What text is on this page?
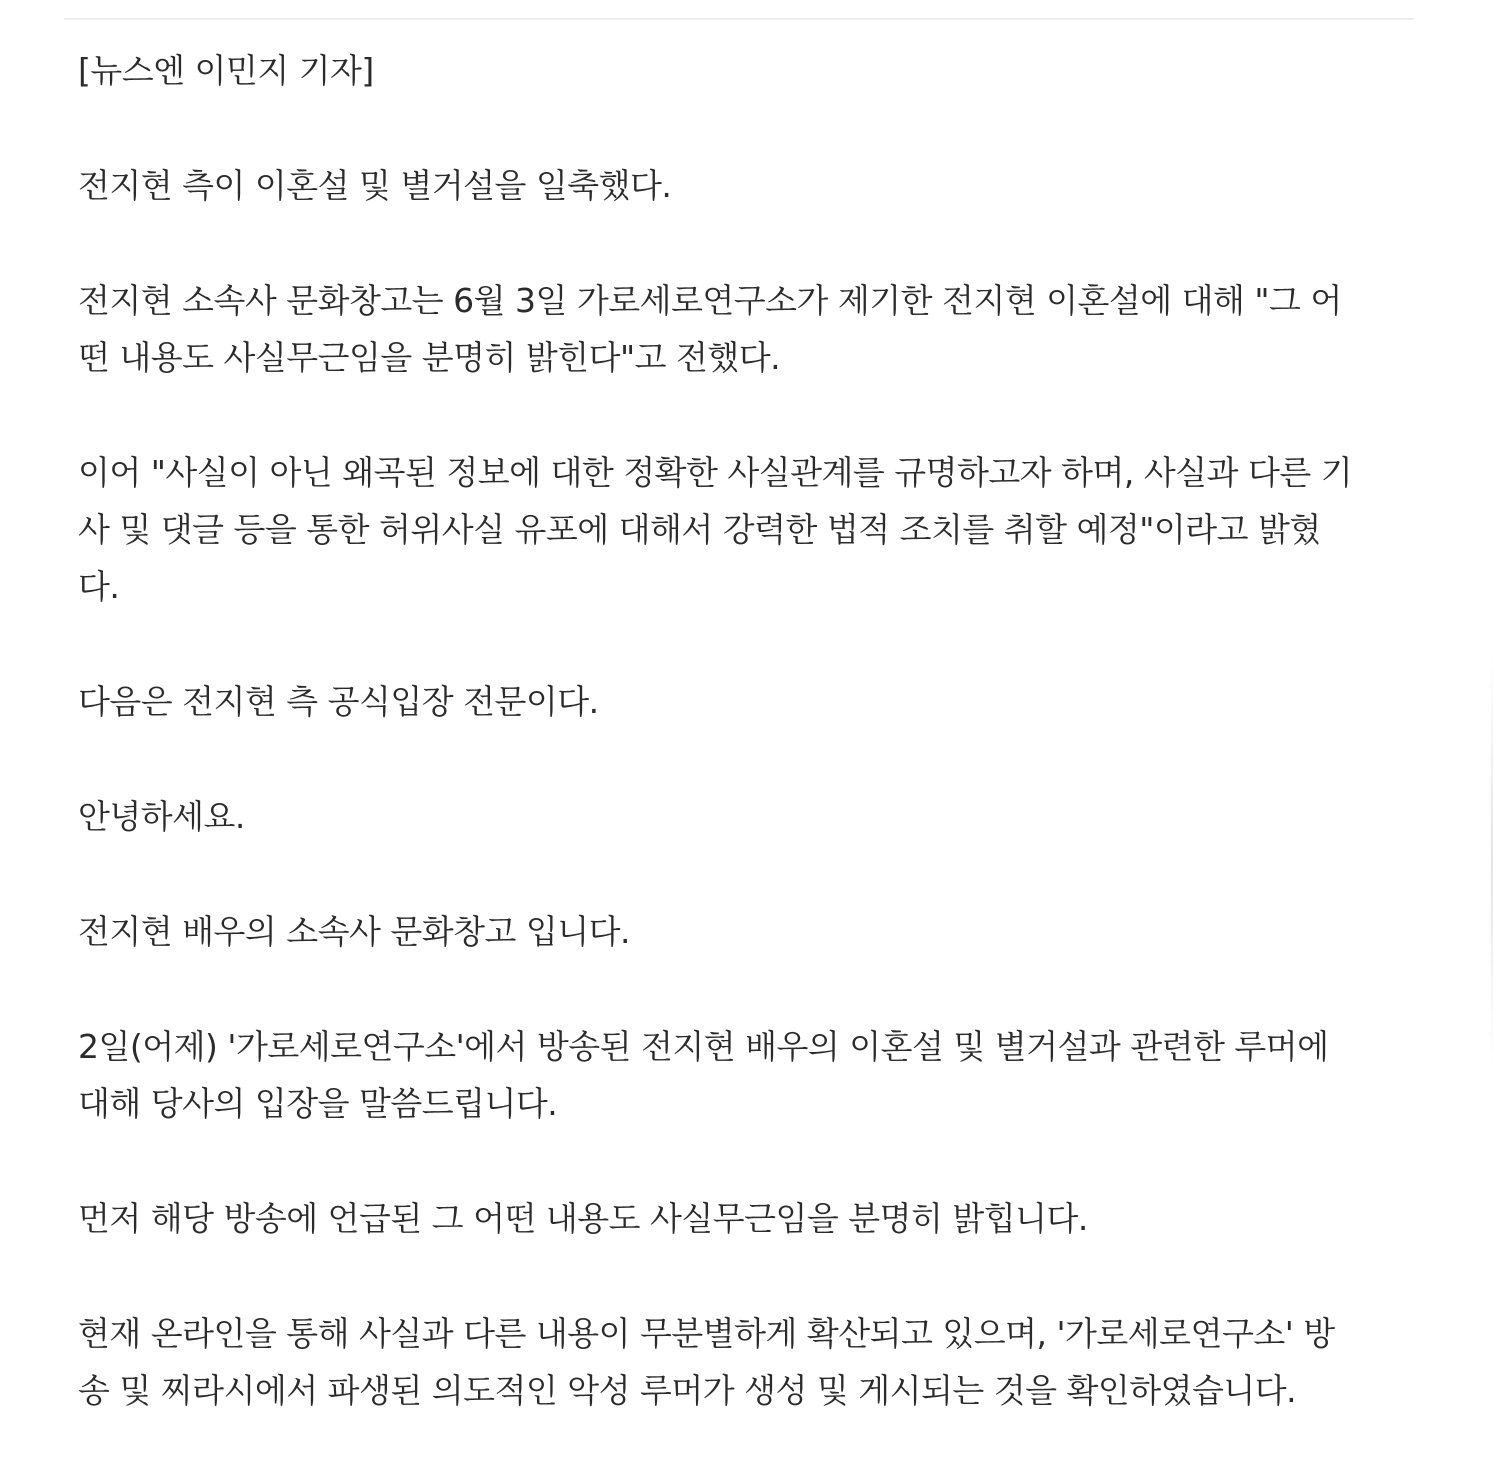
[뉴스엔 이민지 기자]

전지현 측이 이혼설 및 별거설을 일축했다.

전지현 소속사 문화창고는 6월 3일 가로세로연구소가 제기한 전지현 이혼설에 대해 "그 어

떤 내용도 사실무근임을 분명히 밝힌다"고 전했다.

이어 "사실이 아닌 왜곡된 정보에 대한 정확한 사실관계를 규명하고자 하며, 사실과 다른 기

사 및 댓글 등을 통한 허위사실 유포에 대해서 강력한 법적 조치를 취할 예정"이라고 밝혔

다.

다음은 전지현 측 공식입장 전문이다.

안녕하세요.

전지현 배우의 소속사 문화창고 입니다.

2일(어제) '가로세로연구소'에서 방송된 전지현 배우의 이혼설 및 별거설과 관련한 루머에

대해 당사의 입장을 말씀드립니다.

먼저 해당 방송에 언급된 그 어떤 내용도 사실무근임을 분명히 밝힙니다.

현재 온라인을 통해 사실과 다른 내용이 무분별하게 확산되고 있으며, '가로세로연구소' 방

송 및 찌라시에서 파생된 의도적인 악성 루머가 생성 및 게시되는 것을 확인하였습니다.
